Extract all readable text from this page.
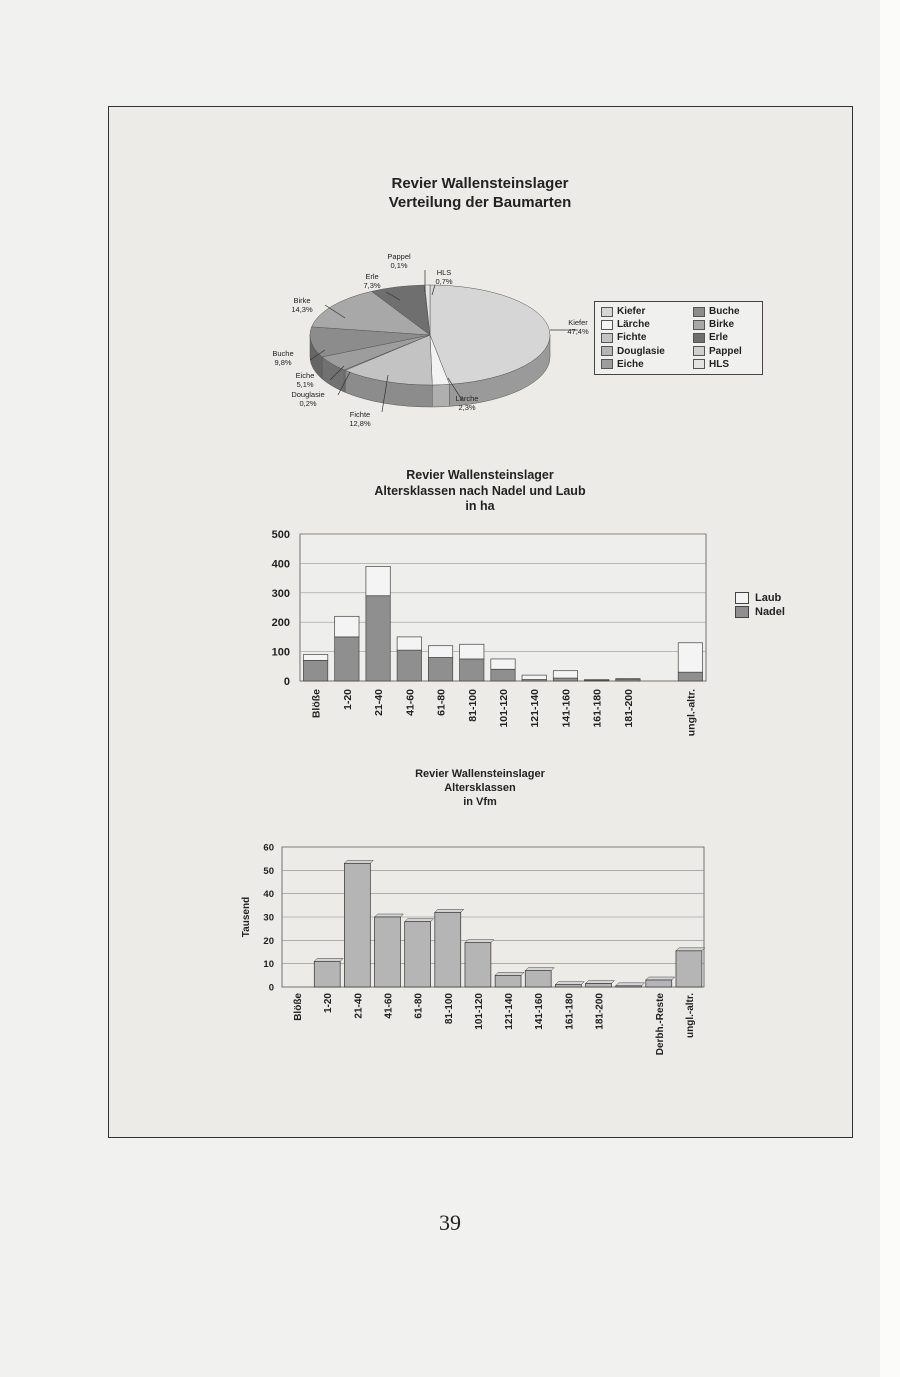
Revier Wallensteinslager
Verteilung der Baumarten
0
100
200
300
400
500
Blöße 1-20 21-40 41-60 61-80 81-100 101-120 121-140 141-160 161-180 181-200	ungl.-altr.
0
10
20
30
40
50
60
Tausend
Blöße 1-20 21-40 41-60 61-80 81-100 101-120 121-140 141-160 161-180 181-200	Derbh.-Reste ungl.-altr.
Kiefer
47,4%
Lärche
2,3%
Fichte
12,8%
Douglasie
0,2%
Eiche
5,1%
Buche
9,8%
Birke
14,3%
Erle
7,3%
Pappel
0,1%
HLS
0,7%
Kiefer
Lärche
Fichte
Douglasie
Eiche
Buche
Birke
Erle
Pappel
HLS
Revier Wallensteinslager
Altersklassen nach Nadel und Laub
in ha
Laub
Nadel
Revier Wallensteinslager
Altersklassen
in Vfm
39
